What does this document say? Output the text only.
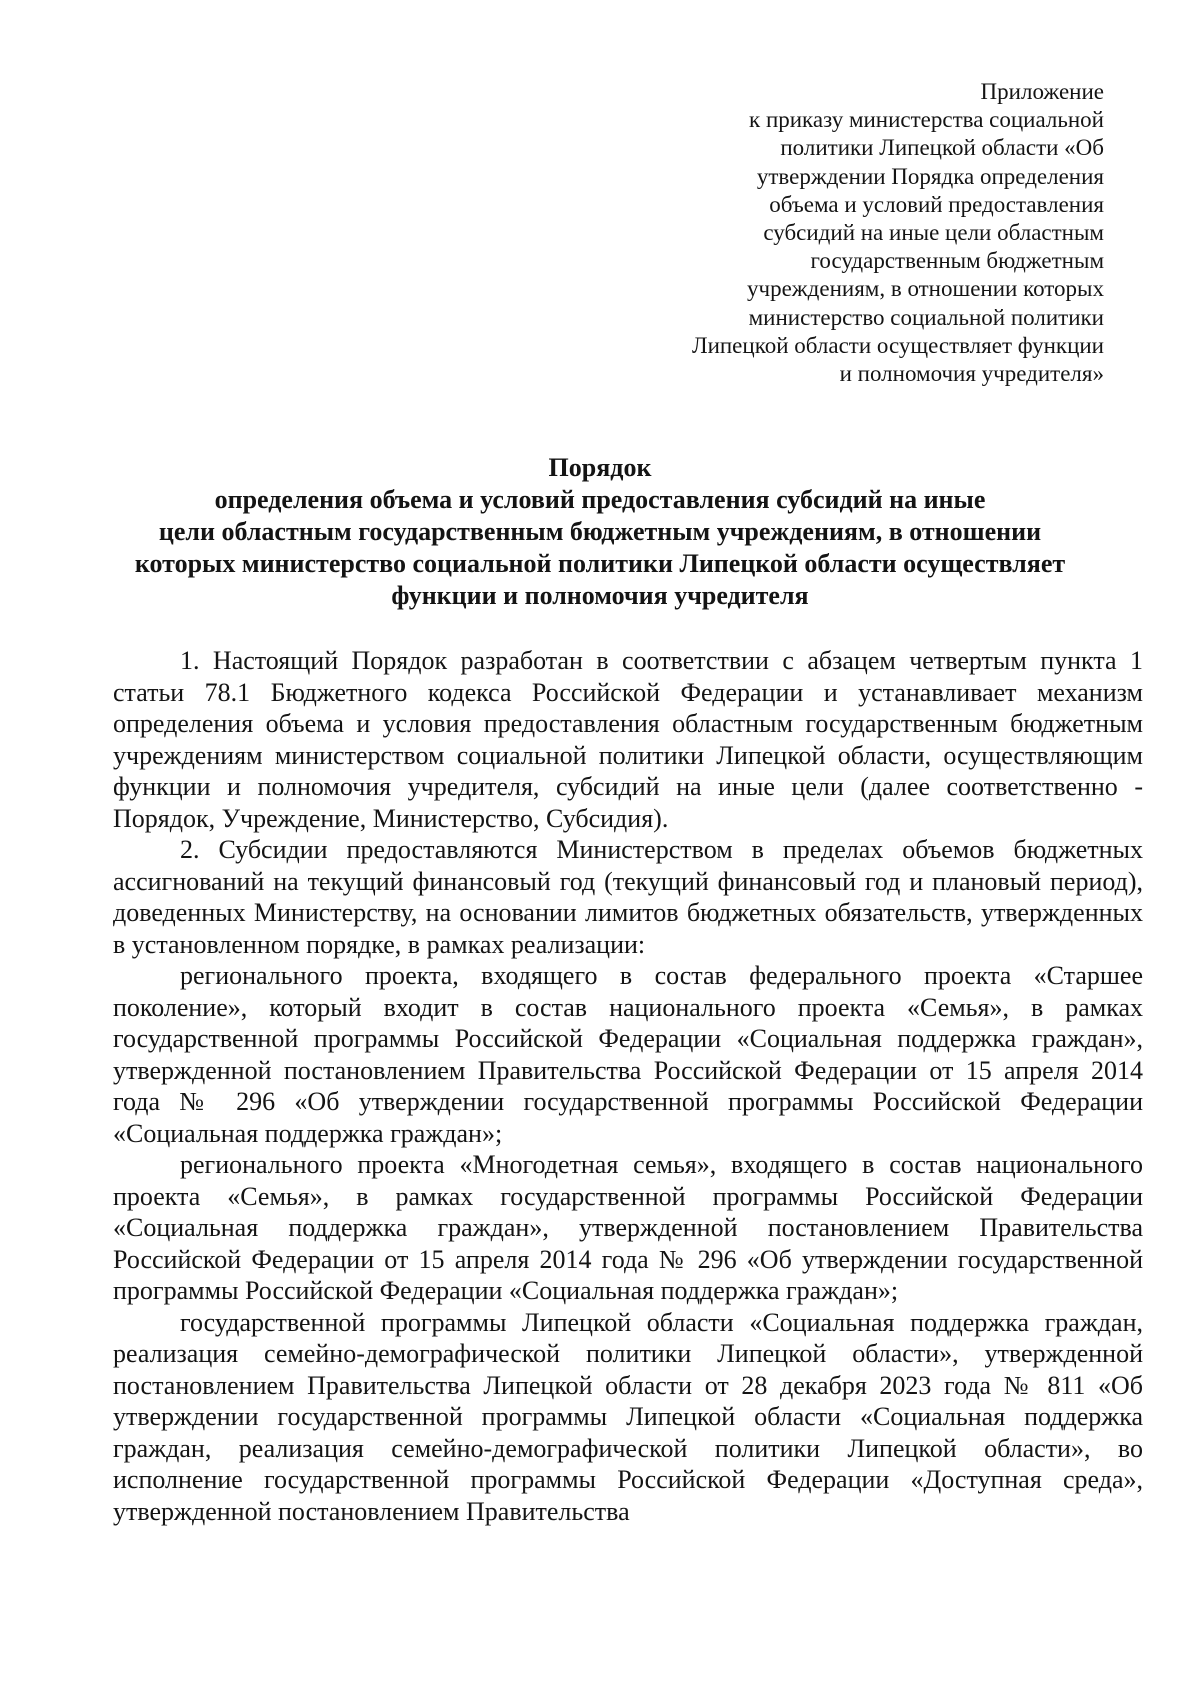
Приложение
к приказу министерства социальной
политики Липецкой области «Об
утверждении Порядка определения
объема и условий предоставления
субсидий на иные цели областным
государственным бюджетным
учреждениям, в отношении которых
министерство социальной политики
Липецкой области осуществляет функции
и полномочия учредителя»
Порядок
определения объема и условий предоставления субсидий на иные
цели областным государственным бюджетным учреждениям, в отношении
которых министерство социальной политики Липецкой области осуществляет
функции и полномочия учредителя

1. Настоящий Порядок разработан в соответствии с абзацем четвертым пункта 1 статьи 78.1 Бюджетного кодекса Российской Федерации и устанавливает механизм определения объема и условия предоставления областным государственным бюджетным учреждениям министерством социальной политики Липецкой области, осуществляющим функции и полномочия учредителя, субсидий на иные цели (далее соответственно - Порядок, Учреждение, Министерство, Субсидия).

2. Субсидии предоставляются Министерством в пределах объемов бюджетных ассигнований на текущий финансовый год (текущий финансовый год и плановый период), доведенных Министерству, на основании лимитов бюджетных обязательств, утвержденных в установленном порядке, в рамках реализации:

регионального проекта, входящего в состав федерального проекта «Старшее поколение», который входит в состав национального проекта «Семья», в рамках государственной программы Российской Федерации «Социальная поддержка граждан», утвержденной постановлением Правительства Российской Федерации от 15 апреля 2014 года № 296 «Об утверждении государственной программы Российской Федерации «Социальная поддержка граждан»;

регионального проекта «Многодетная семья», входящего в состав национального проекта «Семья», в рамках государственной программы Российской Федерации «Социальная поддержка граждан», утвержденной постановлением Правительства Российской Федерации от 15 апреля 2014 года № 296 «Об утверждении государственной программы Российской Федерации «Социальная поддержка граждан»;

государственной программы Липецкой области «Социальная поддержка граждан, реализация семейно-демографической политики Липецкой области», утвержденной постановлением Правительства Липецкой области от 28 декабря 2023 года № 811 «Об утверждении государственной программы Липецкой области «Социальная поддержка граждан, реализация семейно-демографической политики Липецкой области», во исполнение государственной программы Российской Федерации «Доступная среда», утвержденной постановлением Правительства
